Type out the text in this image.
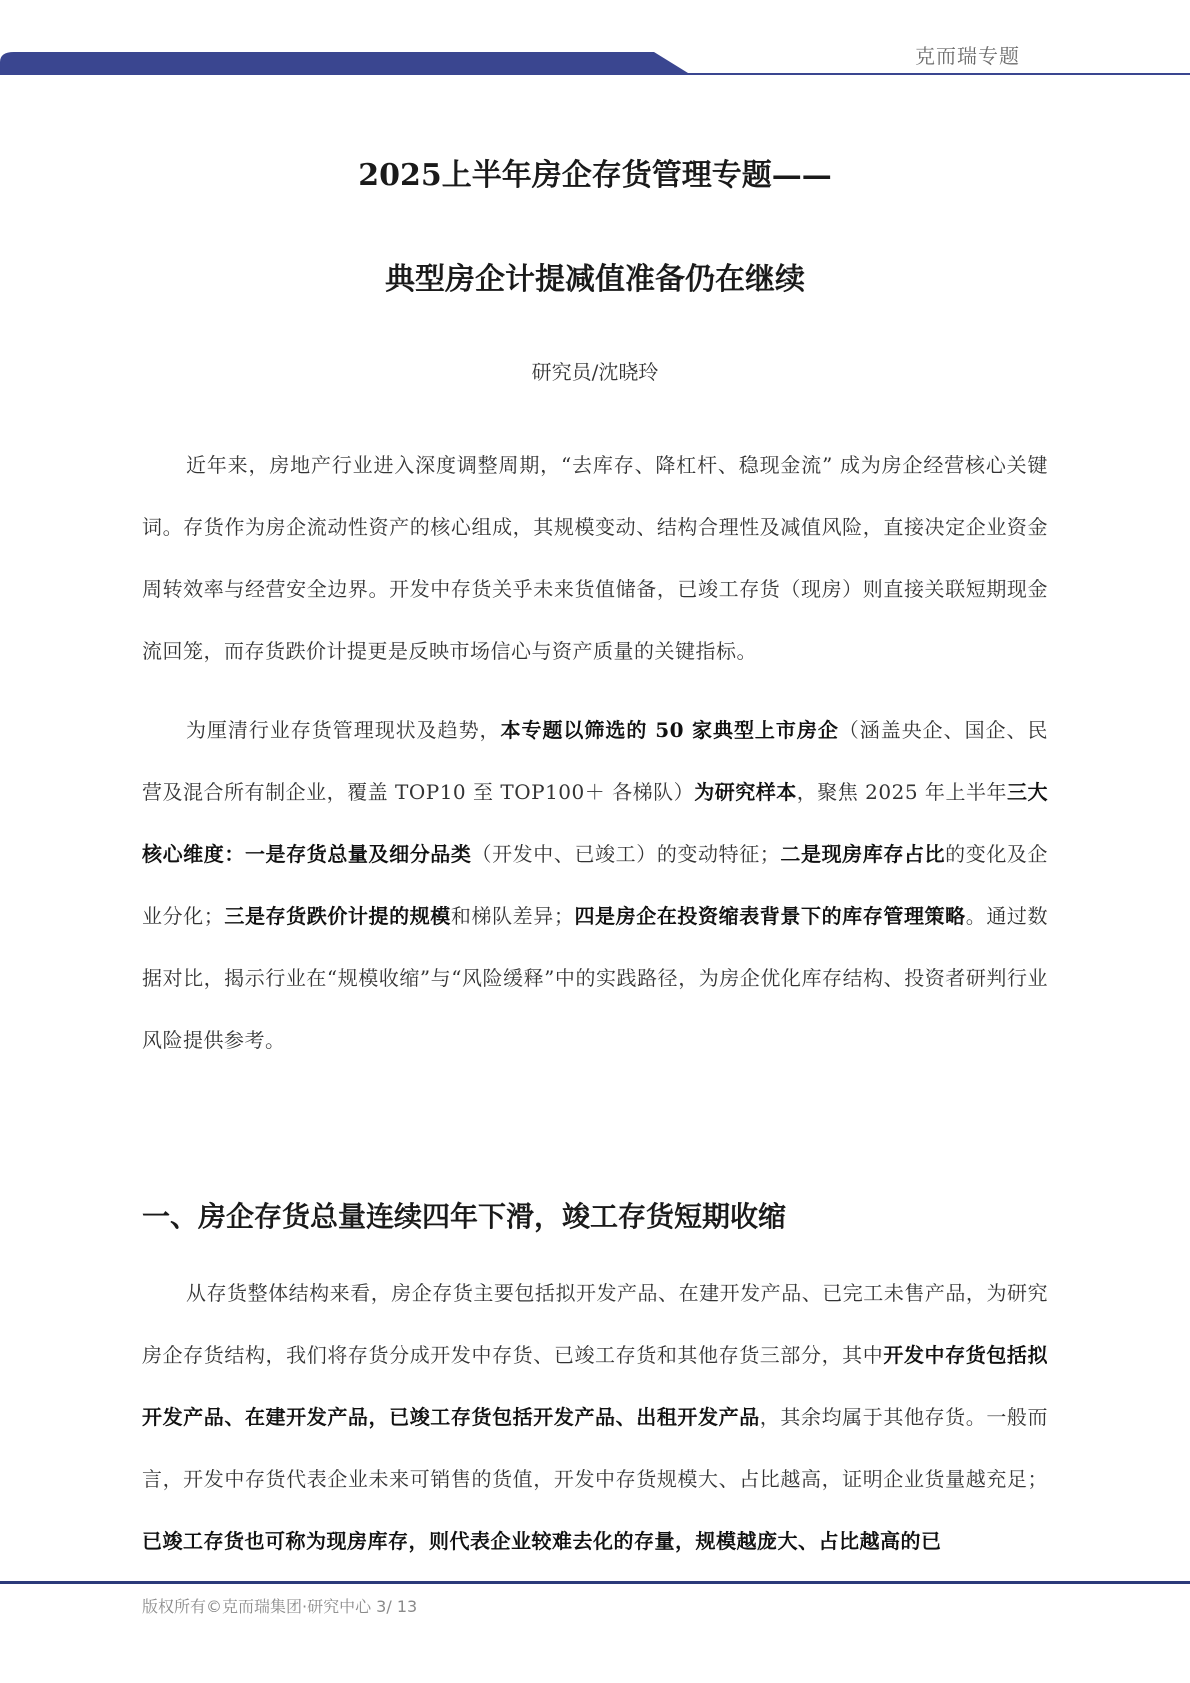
克而瑞专题
2025上半年房企存货管理专题——
典型房企计提减值准备仍在继续
研究员/沈晓玲

近年来，房地产行业进入深度调整周期，“去库存、降杠杆、稳现金流” 成为房企经营核心关键词。存货作为房企流动性资产的核心组成，其规模变动、结构合理性及减值风险，直接决定企业资金周转效率与经营安全边界。开发中存货关乎未来货值储备，已竣工存货（现房）则直接关联短期现金流回笼，而存货跌价计提更是反映市场信心与资产质量的关键指标。

为厘清行业存货管理现状及趋势，本专题以筛选的 50 家典型上市房企（涵盖央企、国企、民营及混合所有制企业，覆盖 TOP10 至 TOP100＋ 各梯队）为研究样本，聚焦 2025 年上半年三大核心维度：一是存货总量及细分品类（开发中、已竣工）的变动特征；二是现房库存占比的变化及企业分化；三是存货跌价计提的规模和梯队差异；四是房企在投资缩表背景下的库存管理策略。通过数据对比，揭示行业在“规模收缩”与“风险缓释”中的实践路径，为房企优化库存结构、投资者研判行业风险提供参考。

一、房企存货总量连续四年下滑，竣工存货短期收缩

从存货整体结构来看，房企存货主要包括拟开发产品、在建开发产品、已完工未售产品，为研究房企存货结构，我们将存货分成开发中存货、已竣工存货和其他存货三部分，其中开发中存货包括拟开发产品、在建开发产品，已竣工存货包括开发产品、出租开发产品，其余均属于其他存货。一般而言，开发中存货代表企业未来可销售的货值，开发中存货规模大、占比越高，证明企业货量越充足；已竣工存货也可称为现房库存，则代表企业较难去化的存量，规模越庞大、占比越高的已

版权所有©克而瑞集团·研究中心 3/ 13
